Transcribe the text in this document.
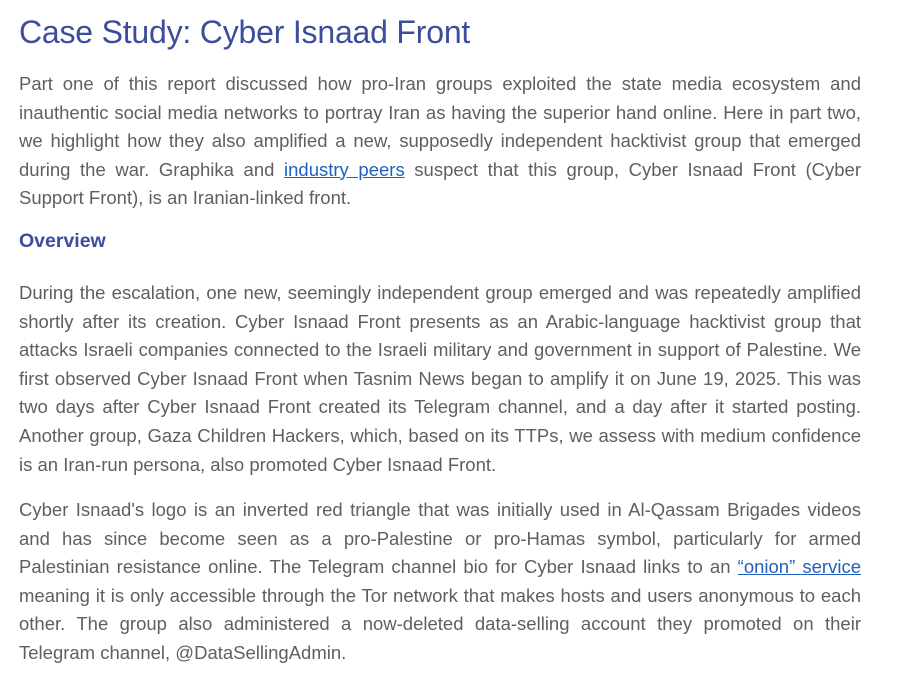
Case Study: Cyber Isnaad Front

Part one of this report discussed how pro-Iran groups exploited the state media ecosystem and inauthentic social media networks to portray Iran as having the superior hand online. Here in part two, we highlight how they also amplified a new, supposedly independent hacktivist group that emerged during the war. Graphika and industry peers suspect that this group, Cyber Isnaad Front (Cyber Support Front), is an Iranian-linked front.

Overview

During the escalation, one new, seemingly independent group emerged and was repeatedly amplified shortly after its creation. Cyber Isnaad Front presents as an Arabic-language hacktivist group that attacks Israeli companies connected to the Israeli military and government in support of Palestine. We first observed Cyber Isnaad Front when Tasnim News began to amplify it on June 19, 2025. This was two days after Cyber Isnaad Front created its Telegram channel, and a day after it started posting. Another group, Gaza Children Hackers, which, based on its TTPs, we assess with medium confidence is an Iran-run persona, also promoted Cyber Isnaad Front.

Cyber Isnaad's logo is an inverted red triangle that was initially used in Al-Qassam Brigades videos and has since become seen as a pro-Palestine or pro-Hamas symbol, particularly for armed Palestinian resistance online. The Telegram channel bio for Cyber Isnaad links to an “onion” service meaning it is only accessible through the Tor network that makes hosts and users anonymous to each other. The group also administered a now-deleted data-selling account they promoted on their Telegram channel, @DataSellingAdmin.
